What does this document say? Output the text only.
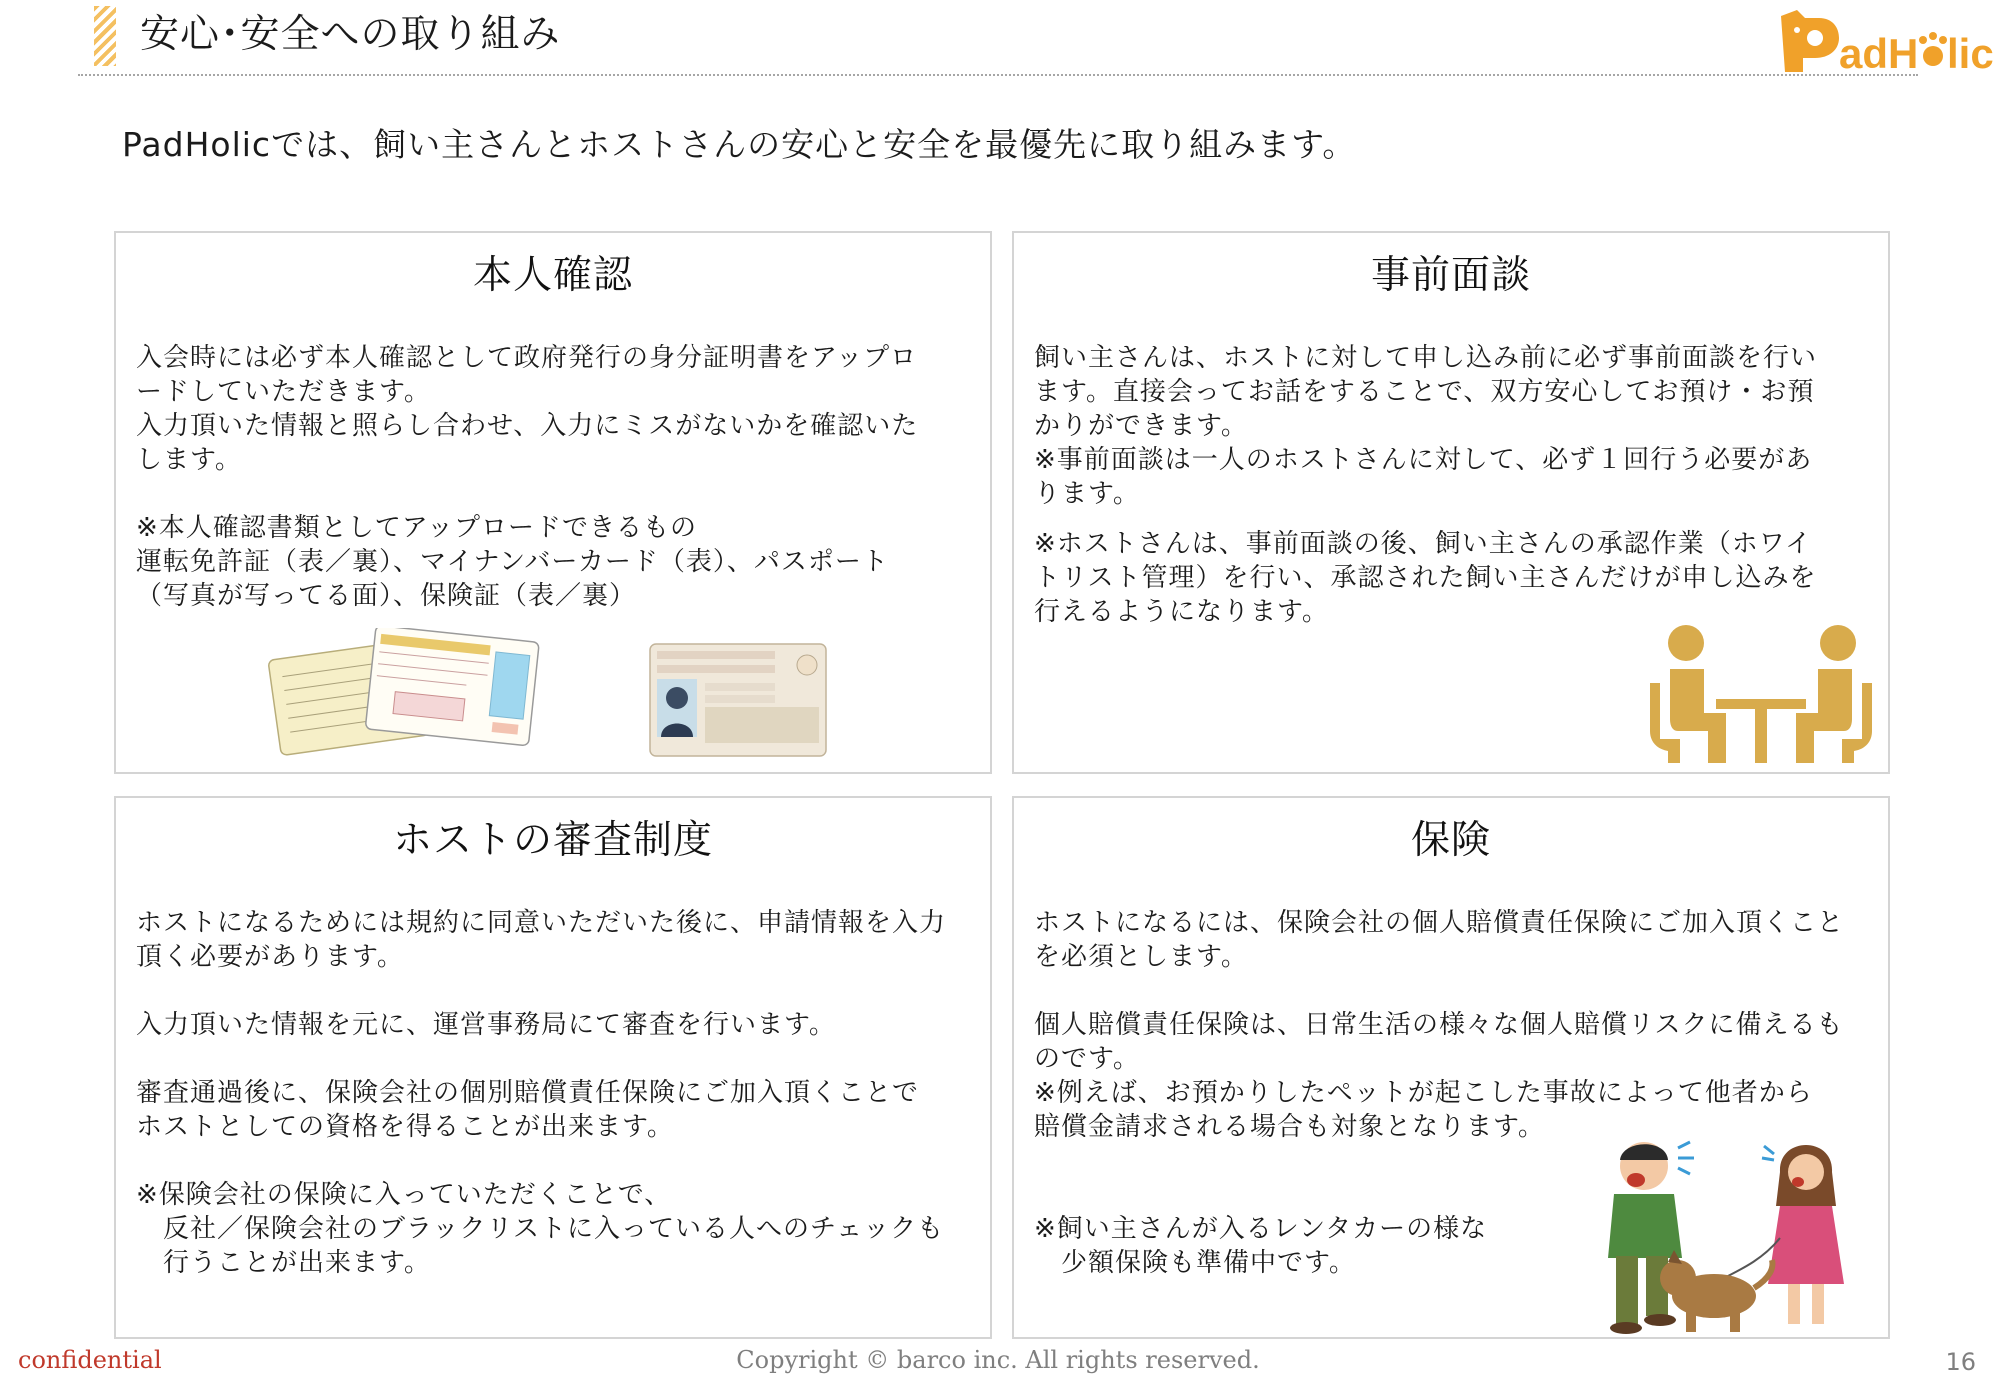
安心･安全への取り組み	adH lic
PadHolicでは、飼い主さんとホストさんの安心と安全を最優先に取り組みます。
本人確認

入会時には必ず本人確認として政府発行の身分証明書をアップロ
ードしていただきます。
入力頂いた情報と照らし合わせ、入力にミスがないかを確認いた
します。

※本人確認書類としてアップロードできるもの
運転免許証（表／裏）、マイナンバーカード（表）、パスポート
（写真が写ってる面）、保険証（表／裏）

事前面談

飼い主さんは、ホストに対して申し込み前に必ず事前面談を行い
ます。直接会ってお話をすることで、双方安心してお預け・お預
かりができます。
※事前面談は一人のホストさんに対して、必ず１回行う必要があ
ります。

※ホストさんは、事前面談の後、飼い主さんの承認作業（ホワイ
トリスト管理）を行い、承認された飼い主さんだけが申し込みを
行えるようになります。

ホストの審査制度

ホストになるためには規約に同意いただいた後に、申請情報を入力
頂く必要があります。

入力頂いた情報を元に、運営事務局にて審査を行います。

審査通過後に、保険会社の個別賠償責任保険にご加入頂くことで
ホストとしての資格を得ることが出来ます。

※保険会社の保険に入っていただくことで、
　反社／保険会社のブラックリストに入っている人へのチェックも
　行うことが出来ます。

保険

ホストになるには、保険会社の個人賠償責任保険にご加入頂くこと
を必須とします。

個人賠償責任保険は、日常生活の様々な個人賠償リスクに備えるも
のです。
※例えば、お預かりしたペットが起こした事故によって他者から
賠償金請求される場合も対象となります。

※飼い主さんが入るレンタカーの様な
　少額保険も準備中です。

confidential	Copyright © barco inc. All rights reserved.	16
